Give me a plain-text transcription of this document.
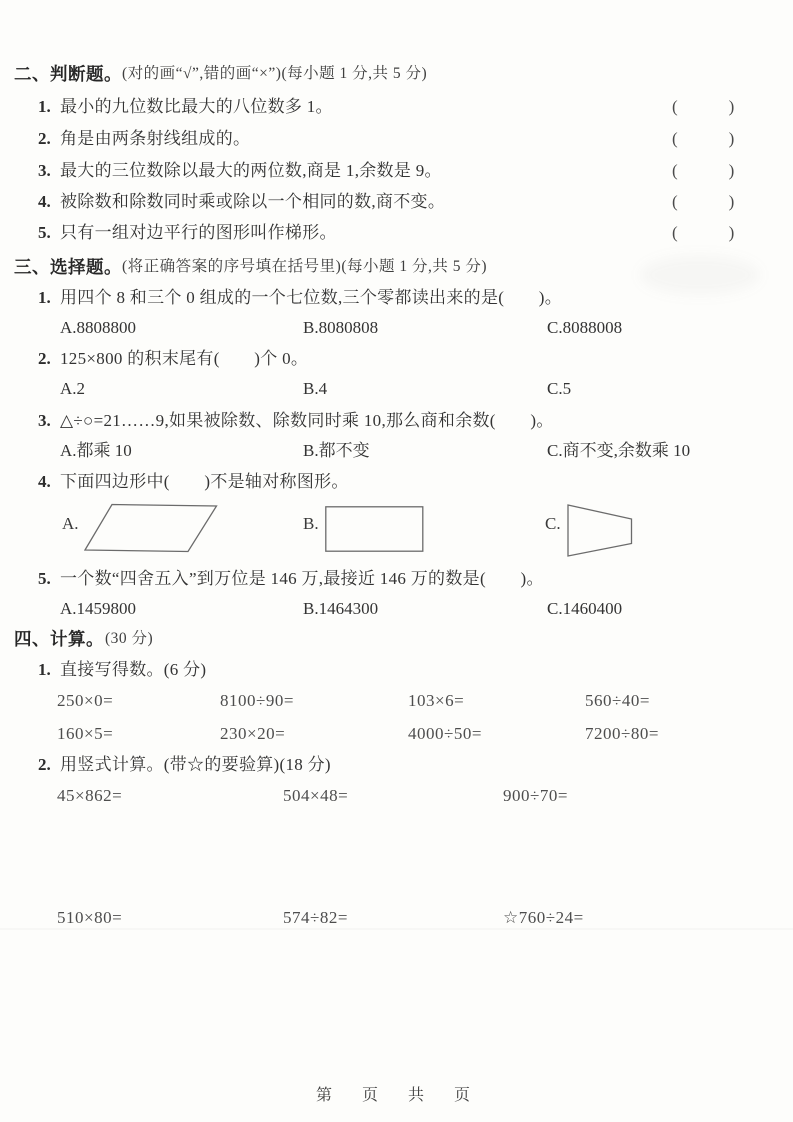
二、判断题。 (对的画“√”,错的画“×”)(每小题 1 分,共 5 分)
1. 最小的九位数比最大的八位数多 1。	(　　　)
2. 角是由两条射线组成的。	(　　　)
3. 最大的三位数除以最大的两位数,商是 1,余数是 9。	(　　　)
4. 被除数和除数同时乘或除以一个相同的数,商不变。	(　　　)
5. 只有一组对边平行的图形叫作梯形。	(　　　)
三、选择题。 (将正确答案的序号填在括号里)(每小题 1 分,共 5 分)
1. 用四个 8 和三个 0 组成的一个七位数,三个零都读出来的是(　　)。
A.8808800	B.8080808	C.8088008
2. 125×800 的积末尾有(　　)个 0。
A.2	B.4	C.5
3. △÷○=21……9,如果被除数、除数同时乘 10,那么商和余数(　　)。
A.都乘 10	B.都不变	C.商不变,余数乘 10
4. 下面四边形中(　　)不是轴对称图形。
A.	B.	C.
5. 一个数“四舍五入”到万位是 146 万,最接近 146 万的数是(　　)。
A.1459800	B.1464300	C.1460400
四、计算。 (30 分)
1. 直接写得数。(6 分)
250×0=	8100÷90=	103×6=	560÷40=
160×5=	230×20=	4000÷50=	7200÷80=
2. 用竖式计算。(带☆的要验算)(18 分)
45×862=	504×48=	900÷70=
510×80=	574÷82=	☆760÷24=
第　页　共　页
